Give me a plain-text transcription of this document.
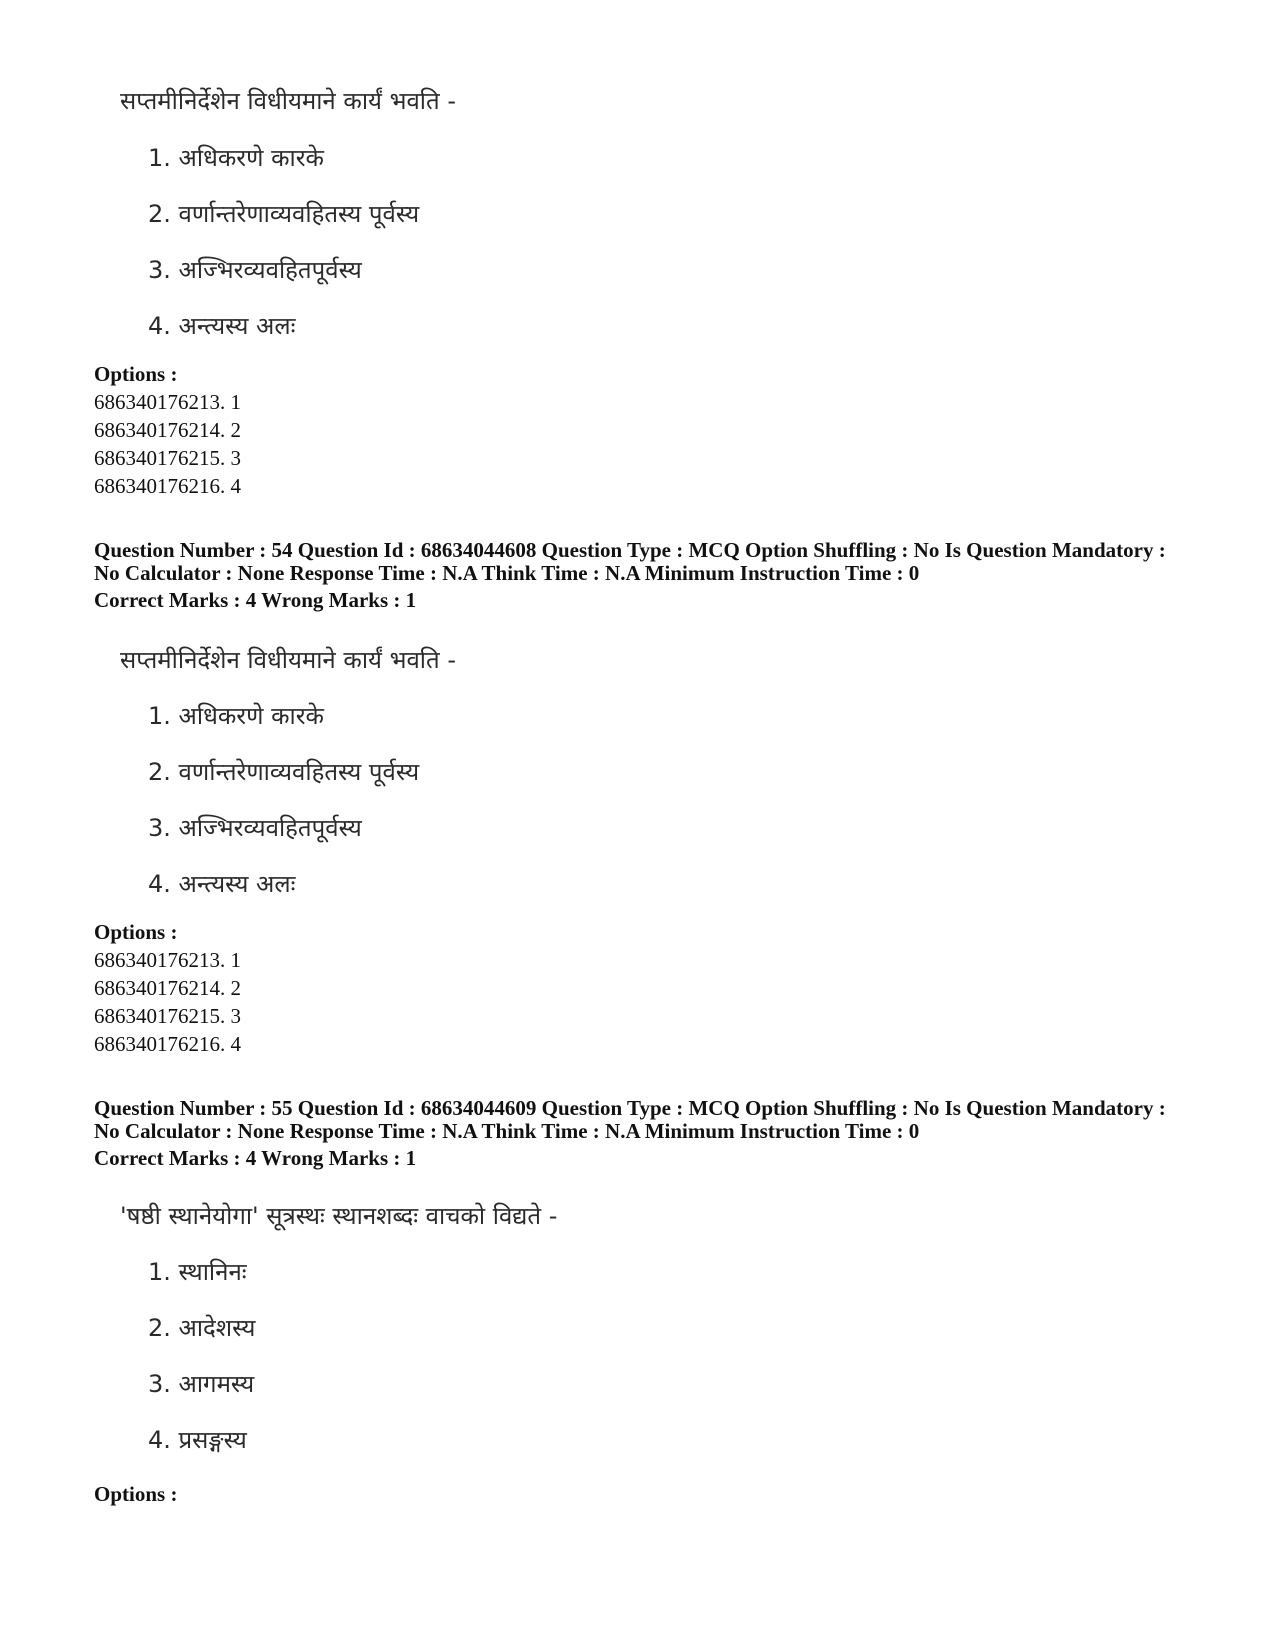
सप्तमीनिर्देशेन विधीयमाने कार्यं भवति -
1. अधिकरणे कारके
2. वर्णान्तरेणाव्यवहितस्य पूर्वस्य
3. अज्भिरव्यवहितपूर्वस्य
4. अन्त्यस्य अलः
Options :
686340176213. 1
686340176214. 2
686340176215. 3
686340176216. 4
Question Number : 54 Question Id : 68634044608 Question Type : MCQ Option Shuffling : No Is Question Mandatory :
No Calculator : None Response Time : N.A Think Time : N.A Minimum Instruction Time : 0
Correct Marks : 4 Wrong Marks : 1
सप्तमीनिर्देशेन विधीयमाने कार्यं भवति -
1. अधिकरणे कारके
2. वर्णान्तरेणाव्यवहितस्य पूर्वस्य
3. अज्भिरव्यवहितपूर्वस्य
4. अन्त्यस्य अलः
Options :
686340176213. 1
686340176214. 2
686340176215. 3
686340176216. 4
Question Number : 55 Question Id : 68634044609 Question Type : MCQ Option Shuffling : No Is Question Mandatory :
No Calculator : None Response Time : N.A Think Time : N.A Minimum Instruction Time : 0
Correct Marks : 4 Wrong Marks : 1
'षष्ठी स्थानेयोगा' सूत्रस्थः स्थानशब्दः वाचको विद्यते -
1. स्थानिनः
2. आदेशस्य
3. आगमस्य
4. प्रसङ्गस्य
Options :
